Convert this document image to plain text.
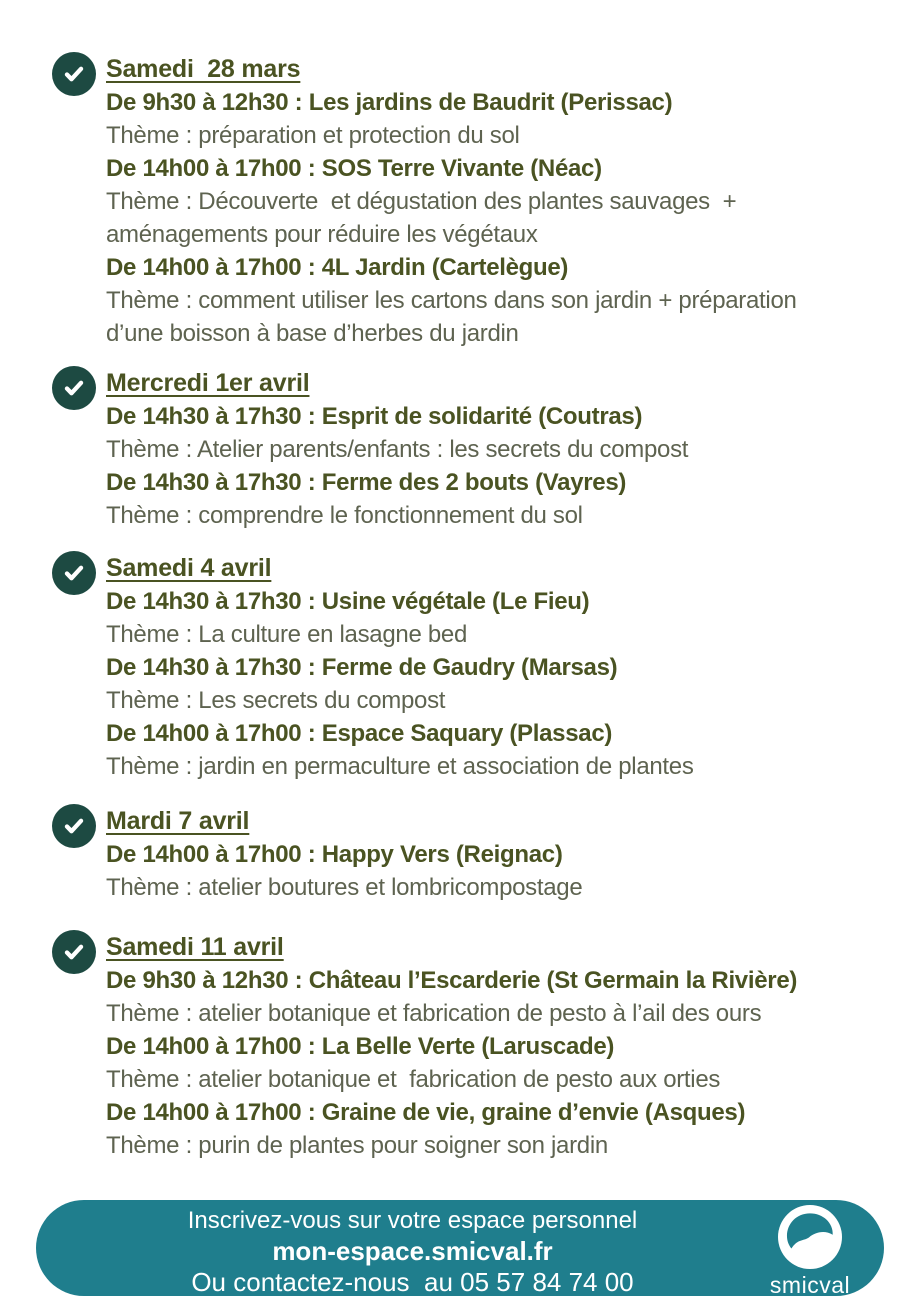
Samedi  28 mars
De 9h30 à 12h30 : Les jardins de Baudrit (Perissac)
Thème : préparation et protection du sol
De 14h00 à 17h00 : SOS Terre Vivante (Néac)
Thème : Découverte  et dégustation des plantes sauvages  +
aménagements pour réduire les végétaux
De 14h00 à 17h00 : 4L Jardin (Cartelègue)
Thème : comment utiliser les cartons dans son jardin + préparation
d’une boisson à base d’herbes du jardin
Mercredi 1er avril
De 14h30 à 17h30 : Esprit de solidarité (Coutras)
Thème : Atelier parents/enfants : les secrets du compost
De 14h30 à 17h30 : Ferme des 2 bouts (Vayres)
Thème : comprendre le fonctionnement du sol
Samedi 4 avril
De 14h30 à 17h30 : Usine végétale (Le Fieu)
Thème : La culture en lasagne bed
De 14h30 à 17h30 : Ferme de Gaudry (Marsas)
Thème : Les secrets du compost
De 14h00 à 17h00 : Espace Saquary (Plassac)
Thème : jardin en permaculture et association de plantes
Mardi 7 avril
De 14h00 à 17h00 : Happy Vers (Reignac)
Thème : atelier boutures et lombricompostage
Samedi 11 avril
De 9h30 à 12h30 : Château l’Escarderie (St Germain la Rivière)
Thème : atelier botanique et fabrication de pesto à l’ail des ours
De 14h00 à 17h00 : La Belle Verte (Laruscade)
Thème : atelier botanique et  fabrication de pesto aux orties
De 14h00 à 17h00 : Graine de vie, graine d’envie (Asques)
Thème : purin de plantes pour soigner son jardin
Inscrivez-vous sur votre espace personnel
mon-espace.smicval.fr
Ou contactez-nous  au 05 57 84 74 00	smicval
